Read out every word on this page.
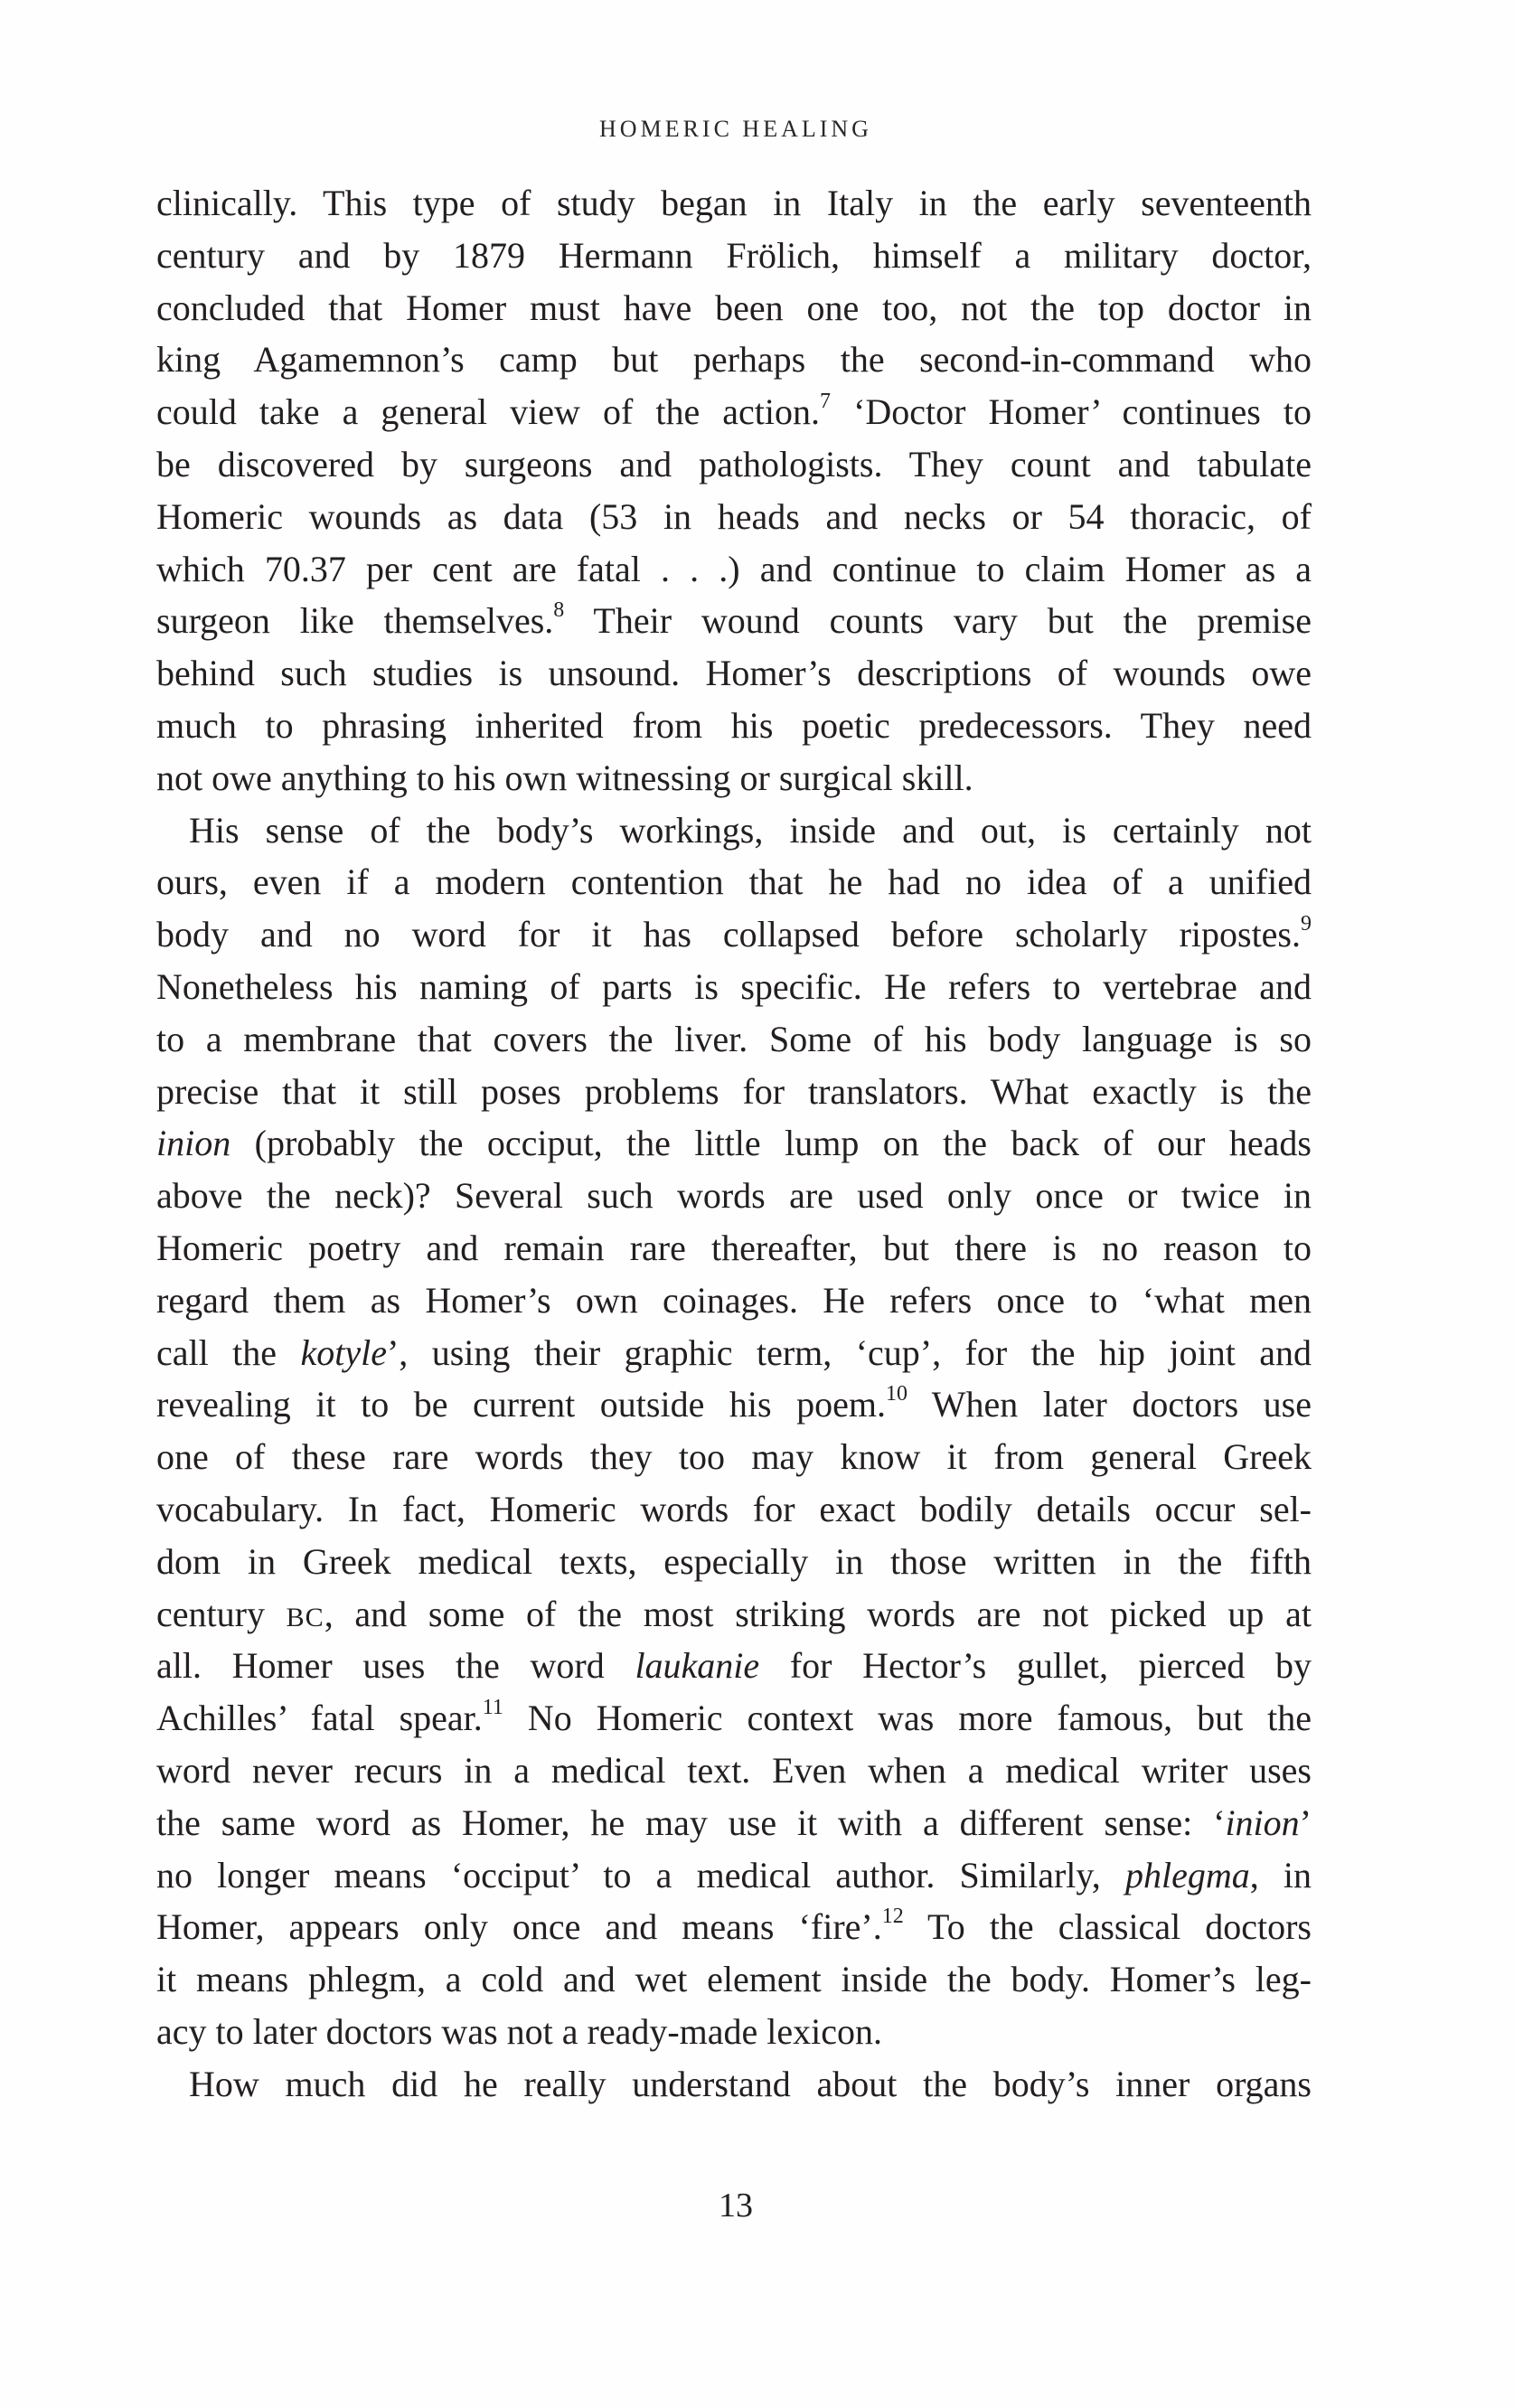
HOMERIC HEALING
clinically. This type of study began in Italy in the early seventeenth
century and by 1879 Hermann Frölich, himself a military doctor,
concluded that Homer must have been one too, not the top doctor in
king Agamemnon’s camp but perhaps the second-in-command who
could take a general view of the action.$^7$ ‘Doctor Homer’ continues to
be discovered by surgeons and pathologists. They count and tabulate
Homeric wounds as data (53 in heads and necks or 54 thoracic, of
which 70.37 per cent are fatal . . .) and continue to claim Homer as a
surgeon like themselves.$^8$ Their wound counts vary but the premise
behind such studies is unsound. Homer’s descriptions of wounds owe
much to phrasing inherited from his poetic predecessors. They need
not owe anything to his own witnessing or surgical skill.
His sense of the body’s workings, inside and out, is certainly not
ours, even if a modern contention that he had no idea of a unified
body and no word for it has collapsed before scholarly ripostes.$^9$
Nonetheless his naming of parts is specific. He refers to vertebrae and
to a membrane that covers the liver. Some of his body language is so
precise that it still poses problems for translators. What exactly is the
inion (probably the occiput, the little lump on the back of our heads
above the neck)? Several such words are used only once or twice in
Homeric poetry and remain rare thereafter, but there is no reason to
regard them as Homer’s own coinages. He refers once to ‘what men
call the kotyle’, using their graphic term, ‘cup’, for the hip joint and
revealing it to be current outside his poem.$^{10}$ When later doctors use
one of these rare words they too may know it from general Greek
vocabulary. In fact, Homeric words for exact bodily details occur sel-
dom in Greek medical texts, especially in those written in the fifth
century BC, and some of the most striking words are not picked up at
all. Homer uses the word laukanie for Hector’s gullet, pierced by
Achilles’ fatal spear.$^{11}$ No Homeric context was more famous, but the
word never recurs in a medical text. Even when a medical writer uses
the same word as Homer, he may use it with a different sense: ‘inion’
no longer means ‘occiput’ to a medical author. Similarly, phlegma, in
Homer, appears only once and means ‘fire’.$^{12}$ To the classical doctors
it means phlegm, a cold and wet element inside the body. Homer’s leg-
acy to later doctors was not a ready-made lexicon.
How much did he really understand about the body’s inner organs
13
